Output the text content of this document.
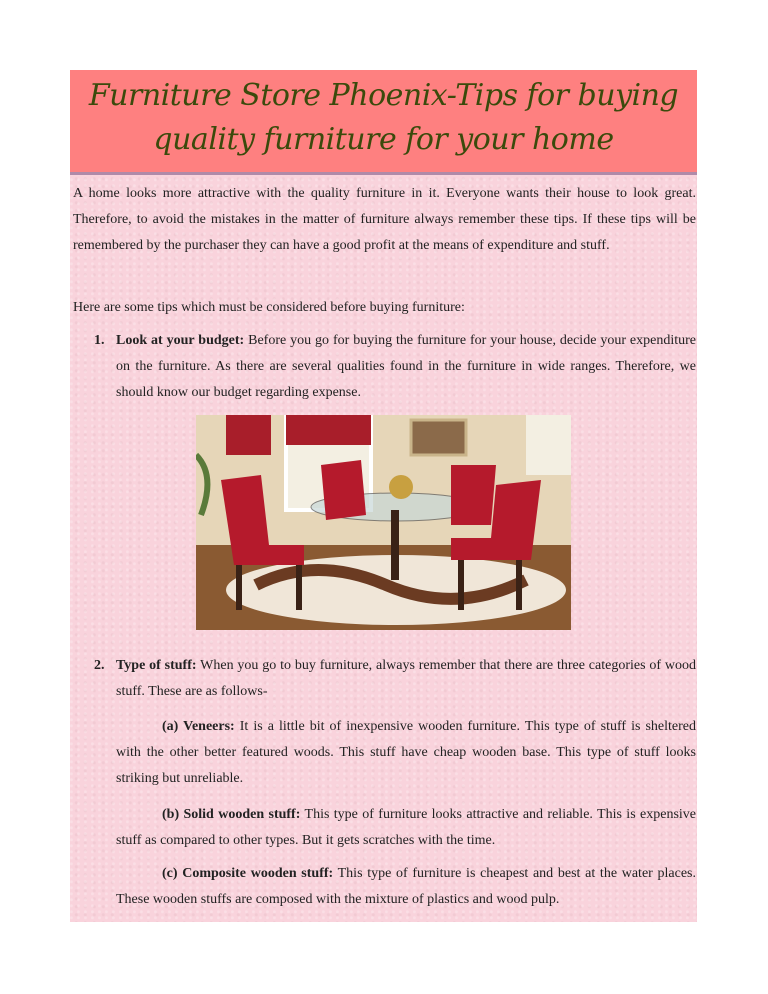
Furniture Store Phoenix-Tips for buying quality furniture for your home
A home looks more attractive with the quality furniture in it. Everyone wants their house to look great. Therefore, to avoid the mistakes in the matter of furniture always remember these tips. If these tips will be remembered by the purchaser they can have a good profit at the means of expenditure and stuff.
Here are some tips which must be considered before buying furniture:
1. Look at your budget: Before you go for buying the furniture for your house, decide your expenditure on the furniture. As there are several qualities found in the furniture in wide ranges. Therefore, we should know our budget regarding expense.
2. Type of stuff: When you go to buy furniture, always remember that there are three categories of wood stuff. These are as follows-
(a) Veneers: It is a little bit of inexpensive wooden furniture. This type of stuff is sheltered with the other better featured woods. This stuff have cheap wooden base. This type of stuff looks striking but unreliable.
(b) Solid wooden stuff: This type of furniture looks attractive and reliable. This is expensive stuff as compared to other types. But it gets scratches with the time.
(c) Composite wooden stuff: This type of furniture is cheapest and best at the water places. These wooden stuffs are composed with the mixture of plastics and wood pulp.
